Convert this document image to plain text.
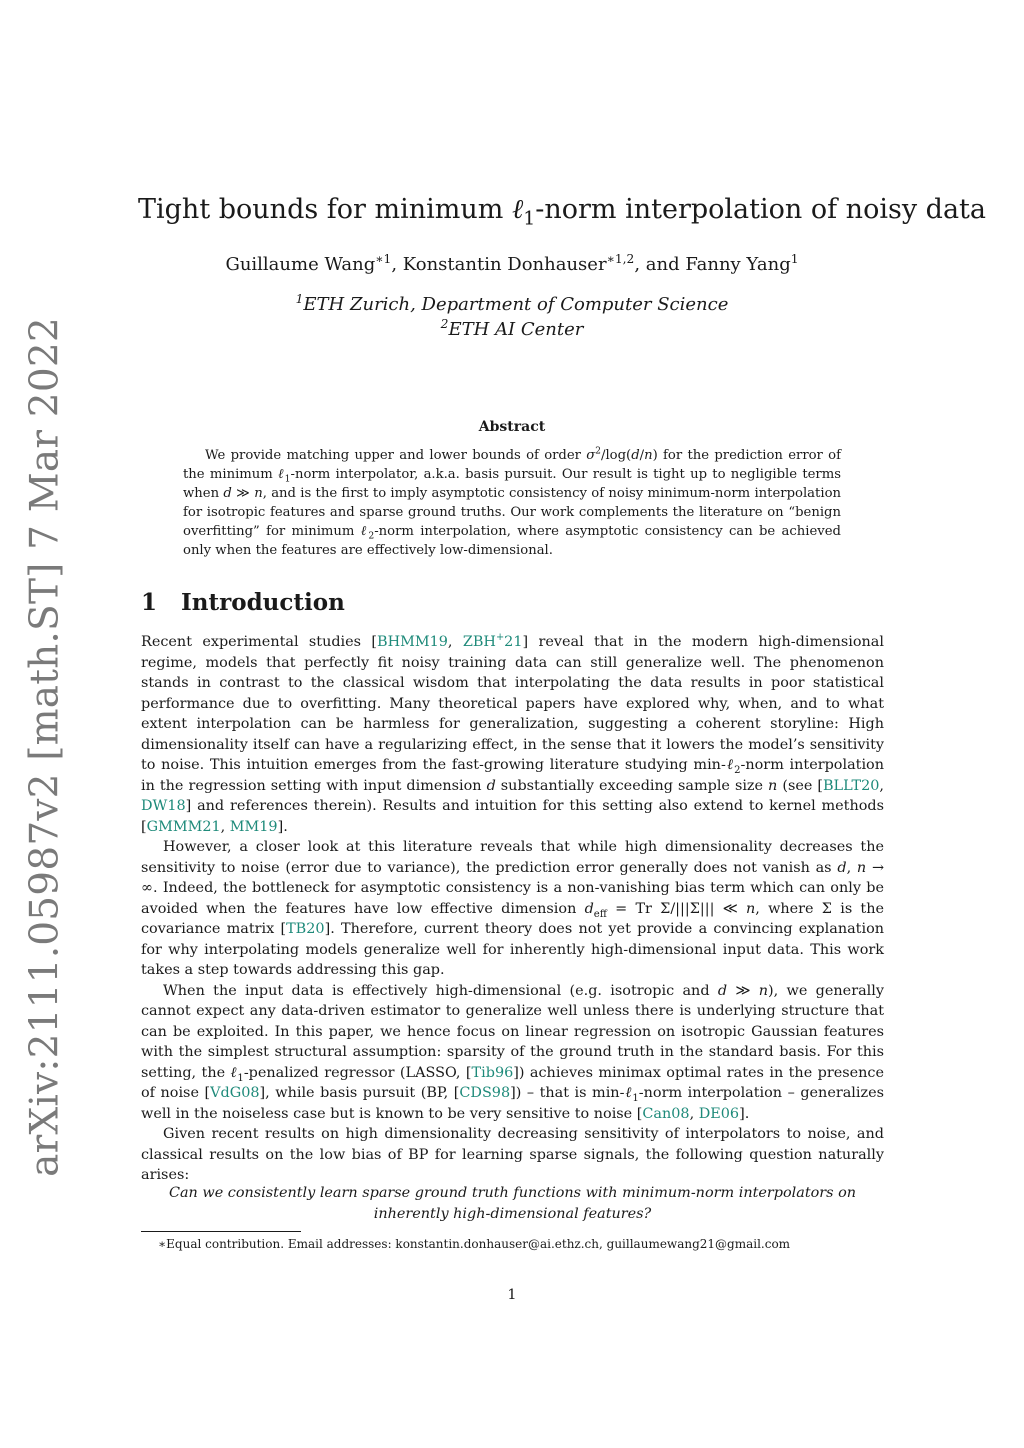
arXiv:2111.05987v2 [math.ST] 7 Mar 2022
Tight bounds for minimum ℓ$_1$-norm interpolation of noisy data
Guillaume Wang$^{∗1}$, Konstantin Donhauser$^{∗1,2}$, and Fanny Yang$^1$
$^1$ETH Zurich, Department of Computer Science
$^2$ETH AI Center
Abstract
We provide matching upper and lower bounds of order $\sigma^2/\log(d/n)$ for the prediction error of the minimum ℓ$_1$-norm interpolator, a.k.a. basis pursuit. Our result is tight up to negligible terms when d ≫ n, and is the first to imply asymptotic consistency of noisy minimum-norm interpolation for isotropic features and sparse ground truths. Our work complements the literature on “benign overfitting” for minimum ℓ$_2$-norm interpolation, where asymptotic consistency can be achieved only when the features are effectively low-dimensional.
1 Introduction

Recent experimental studies [BHMM19, ZBH+21] reveal that in the modern high-dimensional regime, models that perfectly fit noisy training data can still generalize well. The phenomenon stands in contrast to the classical wisdom that interpolating the data results in poor statistical performance due to overfitting. Many theoretical papers have explored why, when, and to what extent interpolation can be harmless for generalization, suggesting a coherent storyline: High dimensionality itself can have a regularizing effect, in the sense that it lowers the model’s sensitivity to noise. This intuition emerges from the fast-growing literature studying min-ℓ$_2$-norm interpolation in the regression setting with input dimension d substantially exceeding sample size n (see [BLLT20, DW18] and references therein). Results and intuition for this setting also extend to kernel methods [GMMM21, MM19].

However, a closer look at this literature reveals that while high dimensionality decreases the sensitivity to noise (error due to variance), the prediction error generally does not vanish as d, n → ∞. Indeed, the bottleneck for asymptotic consistency is a non-vanishing bias term which can only be avoided when the features have low effective dimension $d_{eff} = Tr$ Σ/|||Σ||| ≪ n, where Σ is the covariance matrix [TB20]. Therefore, current theory does not yet provide a convincing explanation for why interpolating models generalize well for inherently high-dimensional input data. This work takes a step towards addressing this gap.

When the input data is effectively high-dimensional (e.g. isotropic and d ≫ n), we generally cannot expect any data-driven estimator to generalize well unless there is underlying structure that can be exploited. In this paper, we hence focus on linear regression on isotropic Gaussian features with the simplest structural assumption: sparsity of the ground truth in the standard basis. For this setting, the ℓ$_1$-penalized regressor (LASSO, [Tib96]) achieves minimax optimal rates in the presence of noise [VdG08], while basis pursuit (BP, [CDS98]) – that is min-ℓ$_1$-norm interpolation – generalizes well in the noiseless case but is known to be very sensitive to noise [Can08, DE06].

Given recent results on high dimensionality decreasing sensitivity of interpolators to noise, and classical results on the low bias of BP for learning sparse signals, the following question naturally arises:

Can we consistently learn sparse ground truth functions with minimum-norm interpolators on inherently high-dimensional features?
∗Equal contribution. Email addresses: konstantin.donhauser@ai.ethz.ch, guillaumewang21@gmail.com
1
